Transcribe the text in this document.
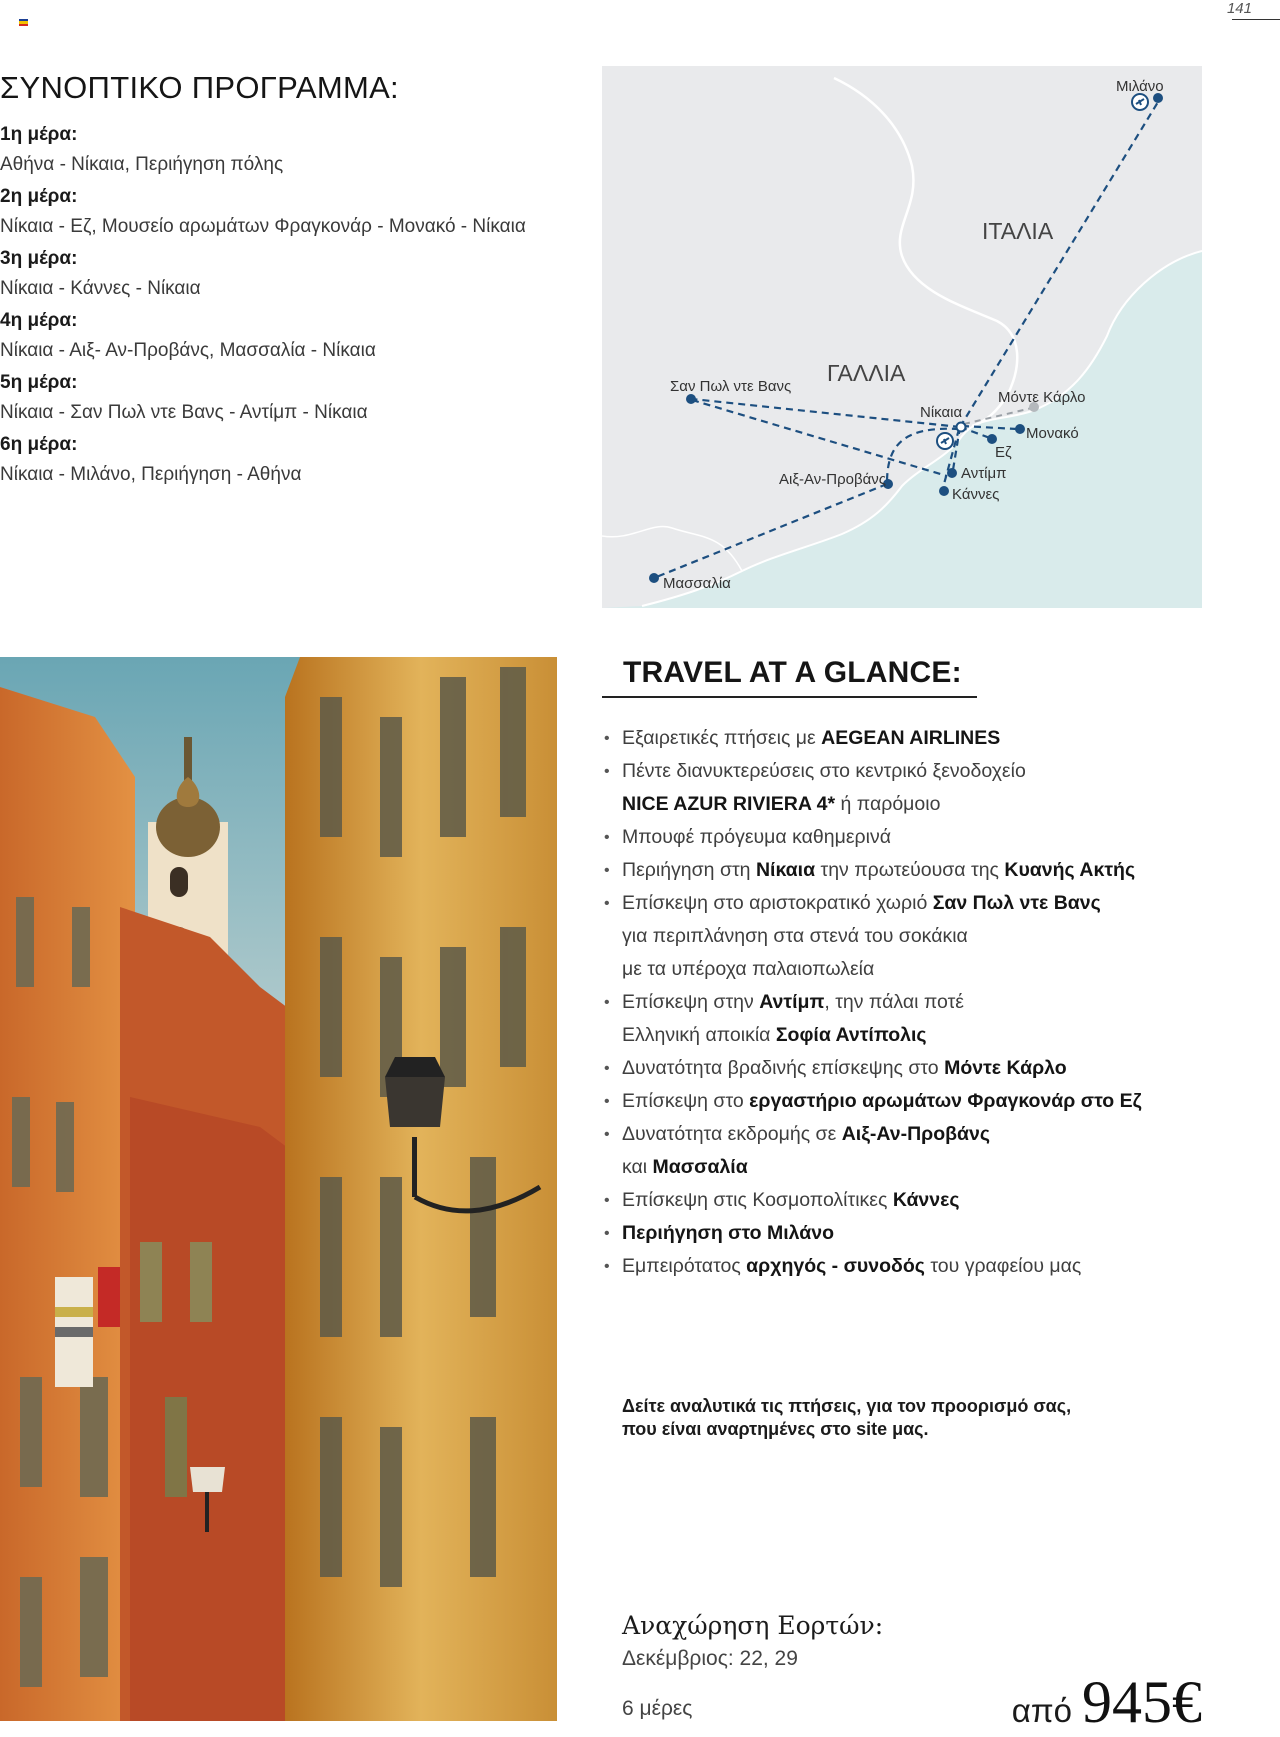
141
ΣΥΝΟΠΤΙΚΟ ΠΡΟΓΡΑΜΜΑ:
1η μέρα:
Αθήνα - Νίκαια, Περιήγηση πόλης
2η μέρα:
Νίκαια - Εζ, Μουσείο αρωμάτων Φραγκονάρ - Μονακό - Νίκαια
3η μέρα:
Νίκαια - Κάννες - Νίκαια
4η μέρα:
Νίκαια - Αιξ- Αν-Προβάνς, Μασσαλία - Νίκαια
5η μέρα:
Νίκαια - Σαν Πωλ ντε Βανς - Αντίμπ - Νίκαια
6η μέρα:
Νίκαια - Μιλάνο, Περιήγηση - Αθήνα
ΙΤΑΛΙΑ
ΓΑΛΛΙΑ
Μιλάνο
Σαν Πωλ ντε Βανς
Νίκαια
Μόντε Κάρλο
Μονακό
Εζ
Αντίμπ
Κάννες
Αιξ-Αν-Προβάνς
Μασσαλία
TRAVEL AT A GLANCE:
• Εξαιρετικές πτήσεις με AEGEAN AIRLINES
• Πέντε διανυκτερεύσεις στο κεντρικό ξενοδοχείο
NICE AZUR RIVIERA 4* ή παρόμοιο
• Μπουφέ πρόγευμα καθημερινά
• Περιήγηση στη Νίκαια την πρωτεύουσα της Κυανής Ακτής
• Επίσκεψη στο αριστοκρατικό χωριό Σαν Πωλ ντε Βανς
για περιπλάνηση στα στενά του σοκάκια
με τα υπέροχα παλαιοπωλεία
• Επίσκεψη στην Αντίμπ, την πάλαι ποτέ
Ελληνική αποικία Σοφία Αντίπολις
• Δυνατότητα βραδινής επίσκεψης στο Μόντε Κάρλο
• Επίσκεψη στο εργαστήριο αρωμάτων Φραγκονάρ στο Εζ
• Δυνατότητα εκδρομής σε Αιξ-Αν-Προβάνς
και Μασσαλία
• Επίσκεψη στις Κοσμοπολίτικες Κάννες
• Περιήγηση στο Μιλάνο
• Εμπειρότατος αρχηγός - συνοδός του γραφείου μας
Δείτε αναλυτικά τις πτήσεις, για τον προορισμό σας,
που είναι αναρτημένες στο site μας.
Αναχώρηση Εορτών:
Δεκέμβριος: 22, 29
6 μέρες	από 945€
